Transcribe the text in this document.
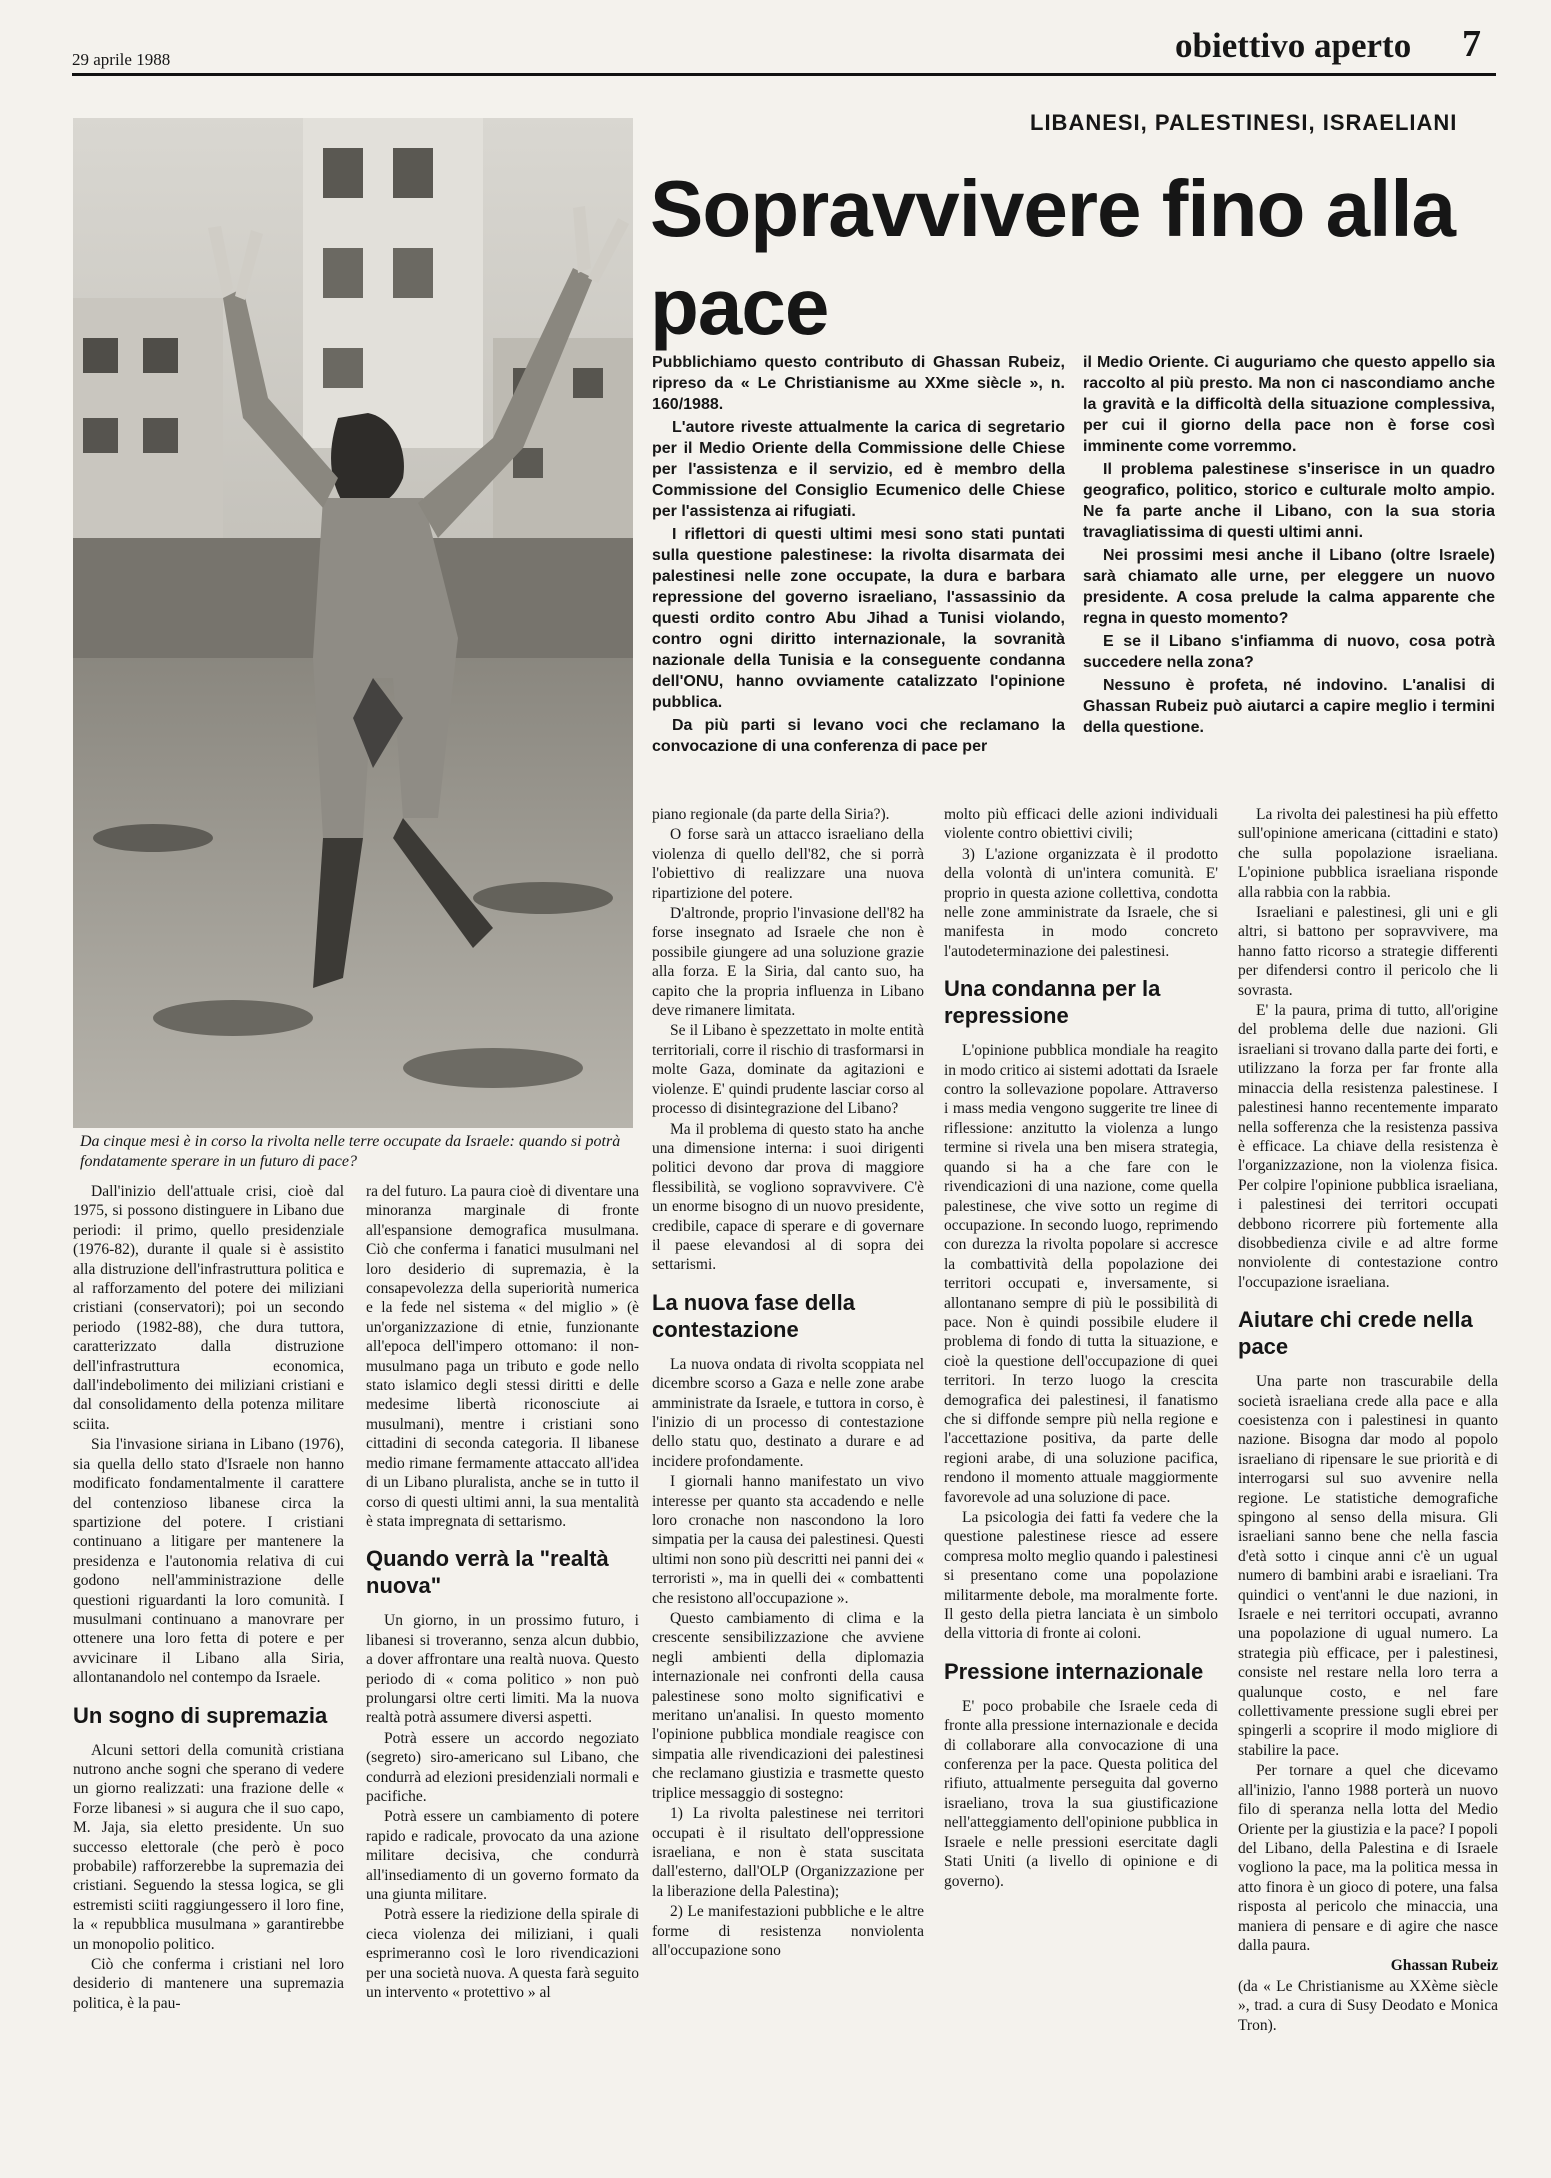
29 aprile 1988	obiettivo aperto 7
LIBANESI, PALESTINESI, ISRAELIANI
Sopravvivere fino alla pace
Da cinque mesi è in corso la rivolta nelle terre occupate da Israele: quando si potrà fondatamente sperare in un futuro di pace?

Pubblichiamo questo contributo di Ghassan Rubeiz, ripreso da « Le Christianisme au XXme siècle », n. 160/1988.

L'autore riveste attualmente la carica di segretario per il Medio Oriente della Commissione delle Chiese per l'assistenza e il servizio, ed è membro della Commissione del Consiglio Ecumenico delle Chiese per l'assistenza ai rifugiati.

I riflettori di questi ultimi mesi sono stati puntati sulla questione palestinese: la rivolta disarmata dei palestinesi nelle zone occupate, la dura e barbara repressione del governo israeliano, l'assassinio da questi ordito contro Abu Jihad a Tunisi violando, contro ogni diritto internazionale, la sovranità nazionale della Tunisia e la conseguente condanna dell'ONU, hanno ovviamente catalizzato l'opinione pubblica.

Da più parti si levano voci che reclamano la convocazione di una conferenza di pace per

il Medio Oriente. Ci auguriamo che questo appello sia raccolto al più presto. Ma non ci nascondiamo anche la gravità e la difficoltà della situazione complessiva, per cui il giorno della pace non è forse così imminente come vorremmo.

Il problema palestinese s'inserisce in un quadro geografico, politico, storico e culturale molto ampio. Ne fa parte anche il Libano, con la sua storia travagliatissima di questi ultimi anni.

Nei prossimi mesi anche il Libano (oltre Israele) sarà chiamato alle urne, per eleggere un nuovo presidente. A cosa prelude la calma apparente che regna in questo momento?

E se il Libano s'infiamma di nuovo, cosa potrà succedere nella zona?

Nessuno è profeta, né indovino. L'analisi di Ghassan Rubeiz può aiutarci a capire meglio i termini della questione.

Dall'inizio dell'attuale crisi, cioè dal 1975, si possono distinguere in Libano due periodi: il primo, quello presidenziale (1976-82), durante il quale si è assistito alla distruzione dell'infrastruttura politica e al rafforzamento del potere dei miliziani cristiani (conservatori); poi un secondo periodo (1982-88), che dura tuttora, caratterizzato dalla distruzione dell'infrastruttura economica, dall'indebolimento dei miliziani cristiani e dal consolidamento della potenza militare sciita.

Sia l'invasione siriana in Libano (1976), sia quella dello stato d'Israele non hanno modificato fondamentalmente il carattere del contenzioso libanese circa la spartizione del potere. I cristiani continuano a litigare per mantenere la presidenza e l'autonomia relativa di cui godono nell'amministrazione delle questioni riguardanti la loro comunità. I musulmani continuano a manovrare per ottenere una loro fetta di potere e per avvicinare il Libano alla Siria, allontanandolo nel contempo da Israele.

Un sogno di supremazia

Alcuni settori della comunità cristiana nutrono anche sogni che sperano di vedere un giorno realizzati: una frazione delle « Forze libanesi » si augura che il suo capo, M. Jaja, sia eletto presidente. Un suo successo elettorale (che però è poco probabile) rafforzerebbe la supremazia dei cristiani. Seguendo la stessa logica, se gli estremisti sciiti raggiungessero il loro fine, la « repubblica musulmana » garantirebbe un monopolio politico.

Ciò che conferma i cristiani nel loro desiderio di mantenere una supremazia politica, è la pau-

ra del futuro. La paura cioè di diventare una minoranza marginale di fronte all'espansione demografica musulmana. Ciò che conferma i fanatici musulmani nel loro desiderio di supremazia, è la consapevolezza della superiorità numerica e la fede nel sistema « del miglio » (è un'organizzazione di etnie, funzionante all'epoca dell'impero ottomano: il non-musulmano paga un tributo e gode nello stato islamico degli stessi diritti e delle medesime libertà riconosciute ai musulmani), mentre i cristiani sono cittadini di seconda categoria. Il libanese medio rimane fermamente attaccato all'idea di un Libano pluralista, anche se in tutto il corso di questi ultimi anni, la sua mentalità è stata impregnata di settarismo.

Quando verrà la "realtà nuova"

Un giorno, in un prossimo futuro, i libanesi si troveranno, senza alcun dubbio, a dover affrontare una realtà nuova. Questo periodo di « coma politico » non può prolungarsi oltre certi limiti. Ma la nuova realtà potrà assumere diversi aspetti.

Potrà essere un accordo negoziato (segreto) siro-americano sul Libano, che condurrà ad elezioni presidenziali normali e pacifiche.

Potrà essere un cambiamento di potere rapido e radicale, provocato da una azione militare decisiva, che condurrà all'insediamento di un governo formato da una giunta militare.

Potrà essere la riedizione della spirale di cieca violenza dei miliziani, i quali esprimeranno così le loro rivendicazioni per una società nuova. A questa farà seguito un intervento « protettivo » al

piano regionale (da parte della Siria?).

O forse sarà un attacco israeliano della violenza di quello dell'82, che si porrà l'obiettivo di realizzare una nuova ripartizione del potere.

D'altronde, proprio l'invasione dell'82 ha forse insegnato ad Israele che non è possibile giungere ad una soluzione grazie alla forza. E la Siria, dal canto suo, ha capito che la propria influenza in Libano deve rimanere limitata.

Se il Libano è spezzettato in molte entità territoriali, corre il rischio di trasformarsi in molte Gaza, dominate da agitazioni e violenze. E' quindi prudente lasciar corso al processo di disintegrazione del Libano?

Ma il problema di questo stato ha anche una dimensione interna: i suoi dirigenti politici devono dar prova di maggiore flessibilità, se vogliono sopravvivere. C'è un enorme bisogno di un nuovo presidente, credibile, capace di sperare e di governare il paese elevandosi al di sopra dei settarismi.

La nuova fase della contestazione

La nuova ondata di rivolta scoppiata nel dicembre scorso a Gaza e nelle zone arabe amministrate da Israele, e tuttora in corso, è l'inizio di un processo di contestazione dello statu quo, destinato a durare e ad incidere profondamente.

I giornali hanno manifestato un vivo interesse per quanto sta accadendo e nelle loro cronache non nascondono la loro simpatia per la causa dei palestinesi. Questi ultimi non sono più descritti nei panni dei « terroristi », ma in quelli dei « combattenti che resistono all'occupazione ».

Questo cambiamento di clima e la crescente sensibilizzazione che avviene negli ambienti della diplomazia internazionale nei confronti della causa palestinese sono molto significativi e meritano un'analisi. In questo momento l'opinione pubblica mondiale reagisce con simpatia alle rivendicazioni dei palestinesi che reclamano giustizia e trasmette questo triplice messaggio di sostegno:

1) La rivolta palestinese nei territori occupati è il risultato dell'oppressione israeliana, e non è stata suscitata dall'esterno, dall'OLP (Organizzazione per la liberazione della Palestina);

2) Le manifestazioni pubbliche e le altre forme di resistenza nonviolenta all'occupazione sono

molto più efficaci delle azioni individuali violente contro obiettivi civili;

3) L'azione organizzata è il prodotto della volontà di un'intera comunità. E' proprio in questa azione collettiva, condotta nelle zone amministrate da Israele, che si manifesta in modo concreto l'autodeterminazione dei palestinesi.

Una condanna per la repressione

L'opinione pubblica mondiale ha reagito in modo critico ai sistemi adottati da Israele contro la sollevazione popolare. Attraverso i mass media vengono suggerite tre linee di riflessione: anzitutto la violenza a lungo termine si rivela una ben misera strategia, quando si ha a che fare con le rivendicazioni di una nazione, come quella palestinese, che vive sotto un regime di occupazione. In secondo luogo, reprimendo con durezza la rivolta popolare si accresce la combattività della popolazione dei territori occupati e, inversamente, si allontanano sempre di più le possibilità di pace. Non è quindi possibile eludere il problema di fondo di tutta la situazione, e cioè la questione dell'occupazione di quei territori. In terzo luogo la crescita demografica dei palestinesi, il fanatismo che si diffonde sempre più nella regione e l'accettazione positiva, da parte delle regioni arabe, di una soluzione pacifica, rendono il momento attuale maggiormente favorevole ad una soluzione di pace.

La psicologia dei fatti fa vedere che la questione palestinese riesce ad essere compresa molto meglio quando i palestinesi si presentano come una popolazione militarmente debole, ma moralmente forte. Il gesto della pietra lanciata è un simbolo della vittoria di fronte ai coloni.

Pressione internazionale

E' poco probabile che Israele ceda di fronte alla pressione internazionale e decida di collaborare alla convocazione di una conferenza per la pace. Questa politica del rifiuto, attualmente perseguita dal governo israeliano, trova la sua giustificazione nell'atteggiamento dell'opinione pubblica in Israele e nelle pressioni esercitate dagli Stati Uniti (a livello di opinione e di governo).

La rivolta dei palestinesi ha più effetto sull'opinione americana (cittadini e stato) che sulla popolazione israeliana. L'opinione pubblica israeliana risponde alla rabbia con la rabbia.

Israeliani e palestinesi, gli uni e gli altri, si battono per sopravvivere, ma hanno fatto ricorso a strategie differenti per difendersi contro il pericolo che li sovrasta.

E' la paura, prima di tutto, all'origine del problema delle due nazioni. Gli israeliani si trovano dalla parte dei forti, e utilizzano la forza per far fronte alla minaccia della resistenza palestinese. I palestinesi hanno recentemente imparato nella sofferenza che la resistenza passiva è efficace. La chiave della resistenza è l'organizzazione, non la violenza fisica. Per colpire l'opinione pubblica israeliana, i palestinesi dei territori occupati debbono ricorrere più fortemente alla disobbedienza civile e ad altre forme nonviolente di contestazione contro l'occupazione israeliana.

Aiutare chi crede nella pace

Una parte non trascurabile della società israeliana crede alla pace e alla coesistenza con i palestinesi in quanto nazione. Bisogna dar modo al popolo israeliano di ripensare le sue priorità e di interrogarsi sul suo avvenire nella regione. Le statistiche demografiche spingono al senso della misura. Gli israeliani sanno bene che nella fascia d'età sotto i cinque anni c'è un ugual numero di bambini arabi e israeliani. Tra quindici o vent'anni le due nazioni, in Israele e nei territori occupati, avranno una popolazione di ugual numero. La strategia più efficace, per i palestinesi, consiste nel restare nella loro terra a qualunque costo, e nel fare collettivamente pressione sugli ebrei per spingerli a scoprire il modo migliore di stabilire la pace.

Per tornare a quel che dicevamo all'inizio, l'anno 1988 porterà un nuovo filo di speranza nella lotta del Medio Oriente per la giustizia e la pace? I popoli del Libano, della Palestina e di Israele vogliono la pace, ma la politica messa in atto finora è un gioco di potere, una falsa risposta al pericolo che minaccia, una maniera di pensare e di agire che nasce dalla paura.

Ghassan Rubeiz

(da « Le Christianisme au XXème siècle », trad. a cura di Susy Deodato e Monica Tron).
